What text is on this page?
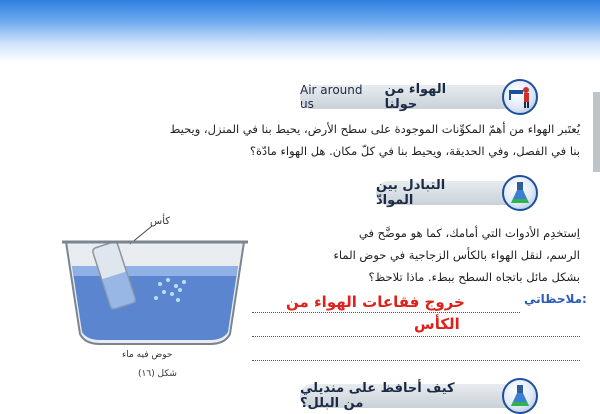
Air around us
الهواء من حولنا
يُعتَبر الهواء من أهمّ المكوِّنات الموجودة على سطح الأرض، يحيط بنا في المنزل، ويحيط
بنا في الفصل، وفي الحديقة، ويحيط بنا في كلّ مكان. هل الهواء مادّة؟
التبادل بين الموادّ
كأس
حوض فيه ماء
شكل (١٦)
اِستخدِم الأدوات التي أمامك، كما هو موضَّح في
الرسم، لنقل الهواء بالكأس الزجاجية في حوض الماء
بشكل مائل باتجاه السطح ببطء. ماذا تلاحظ؟
ملاحظاتي:
خروج فقاعات الهواء من
الكأس
كيف أحافظ على منديلي من البلل؟
